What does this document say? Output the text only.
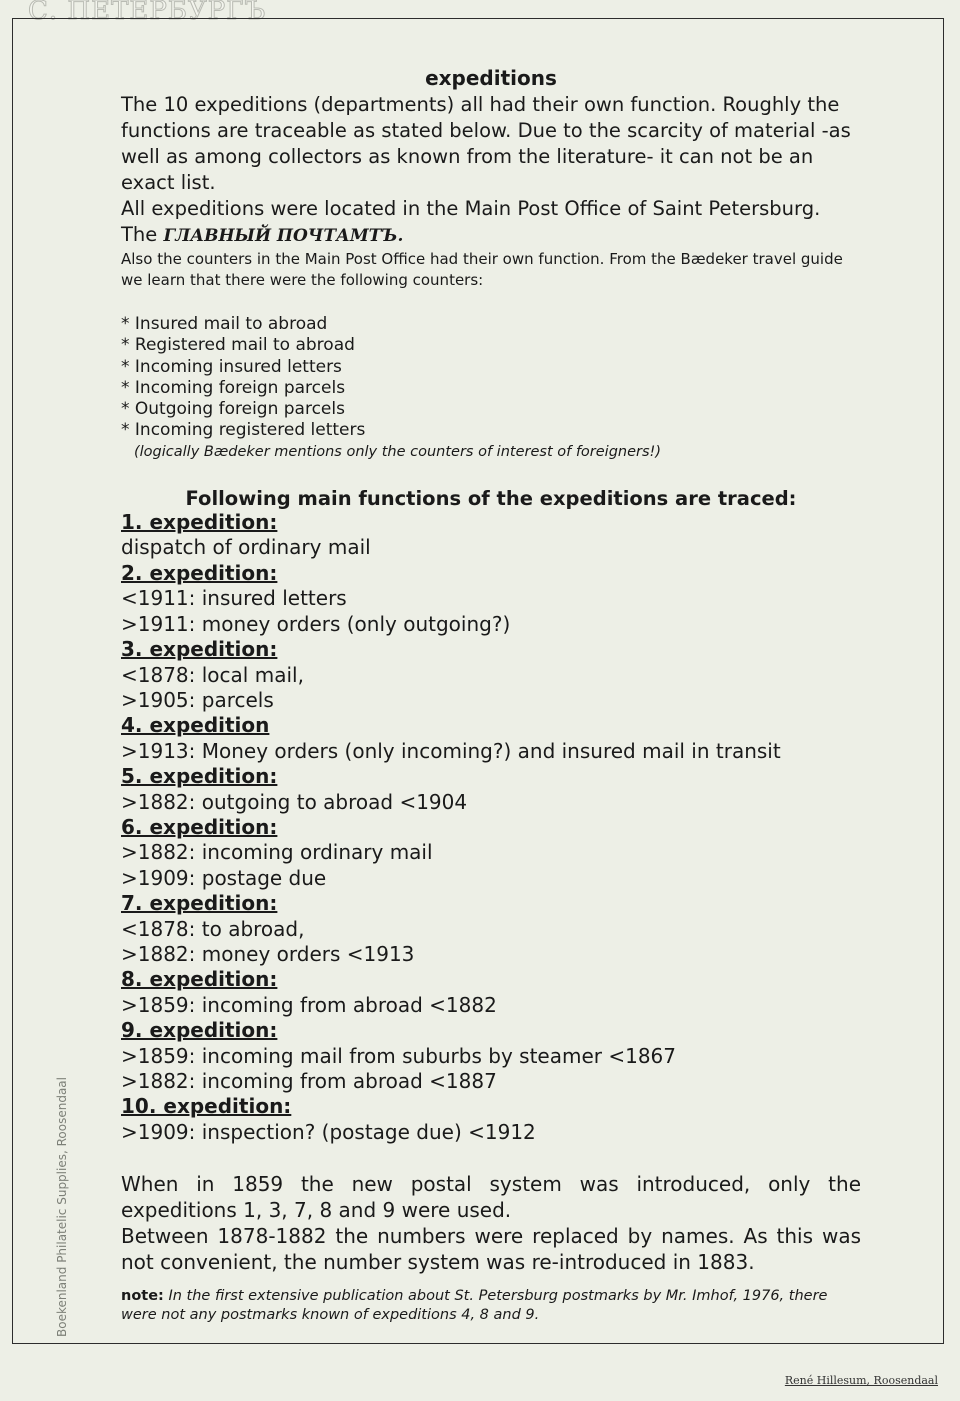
С. ПЕТЕРБУРГЪ
Boekenland Philatelic Supplies, Roosendaal
expeditions

The 10 expeditions (departments) all had their own function. Roughly the functions are traceable as stated below. Due to the scarcity of material -as well as among collectors as known from the literature- it can not be an exact list.

All expeditions were located in the Main Post Office of Saint Petersburg.

The ГЛАВНЫЙ ПОЧТАМТЪ.

Also the counters in the Main Post Office had their own function. From the Bædeker travel guide we learn that there were the following counters:

* Insured mail to abroad
* Registered mail to abroad
* Incoming insured letters
* Incoming foreign parcels
* Outgoing foreign parcels
* Incoming registered letters
(logically Bædeker mentions only the counters of interest of foreigners!)
Following main functions of the expeditions are traced:
1. expedition:
dispatch of ordinary mail
2. expedition:
<1911: insured letters
>1911: money orders (only outgoing?)
3. expedition:
<1878: local mail,
>1905: parcels
4. expedition
>1913: Money orders (only incoming?) and insured mail in transit
5. expedition:
>1882: outgoing to abroad <1904
6. expedition:
>1882: incoming ordinary mail
>1909: postage due
7. expedition:
<1878: to abroad,
>1882: money orders <1913
8. expedition:
>1859: incoming from abroad <1882
9. expedition:
>1859: incoming mail from suburbs by steamer <1867
>1882: incoming from abroad <1887
10. expedition:
>1909: inspection? (postage due) <1912

When in 1859 the new postal system was introduced, only the expeditions 1, 3, 7, 8 and 9 were used.

Between 1878-1882 the numbers were replaced by names. As this was not convenient, the number system was re-introduced in 1883.

note: In the first extensive publication about St. Petersburg postmarks by Mr. Imhof, 1976, there were not any postmarks known of expeditions 4, 8 and 9.
René Hillesum, Roosendaal
